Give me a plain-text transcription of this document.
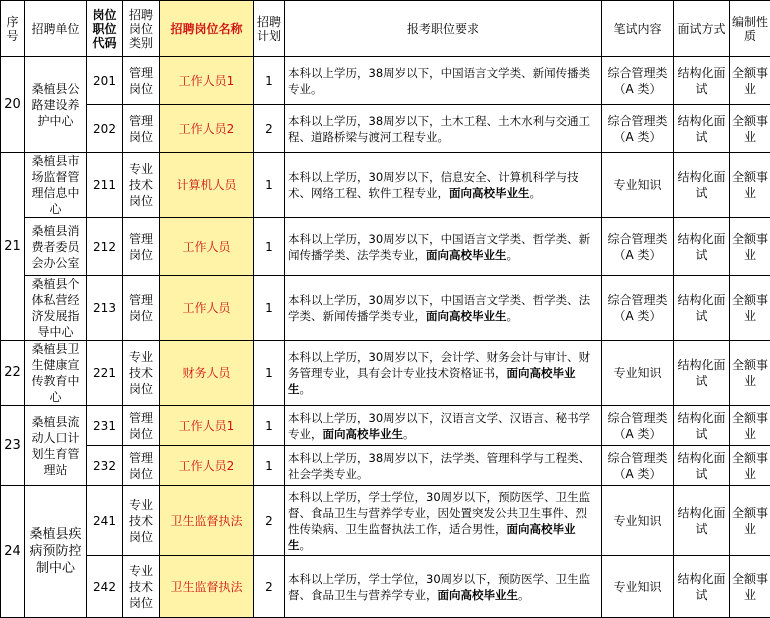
序号	招聘单位	岗位职位代码	招聘岗位类别	招聘岗位名称	招聘计划	报考职位要求	笔试内容	面试方式	编制性质
20	桑植县公路建设养护中心	201	管理岗位	工作人员1	1	本科以上学历，38周岁以下，中国语言文学类、新闻传播类专业。	综合管理类（A 类）	结构化面试	全额事业
		202	管理岗位	工作人员2	2	本科以上学历，38周岁以下，土木工程、土木水利与交通工程、道路桥梁与渡河工程专业。	综合管理类（A 类）	结构化面试	全额事业
21	桑植县市场监督管理信息中心	211	专业技术岗位	计算机人员	1	本科以上学历，30周岁以下，信息安全、计算机科学与技术、网络工程、软件工程专业，面向高校毕业生。	专业知识	结构化面试	全额事业
	桑植县消费者委员会办公室	212	管理岗位	工作人员	1	本科以上学历，30周岁以下，中国语言文学类、哲学类、新闻传播学类、法学类专业，面向高校毕业生。	综合管理类（A 类）	结构化面试	全额事业
	桑植县个体私营经济发展指导中心	213	管理岗位	工作人员	1	本科以上学历，30周岁以下，中国语言文学类、哲学类、法学类、新闻传播学类专业，面向高校毕业生。	综合管理类（A 类）	结构化面试	全额事业
22	桑植县卫生健康宣传教育中心	221	专业技术岗位	财务人员	1	本科以上学历，30周岁以下，会计学、财务会计与审计、财务管理专业，具有会计专业技术资格证书，面向高校毕业生。	专业知识	结构化面试	全额事业
23	桑植县流动人口计划生育管理站	231	管理岗位	工作人员1	1	本科以上学历，30周岁以下，汉语言文学、汉语言、秘书学专业，面向高校毕业生。	综合管理类（A 类）	结构化面试	全额事业
		232	管理岗位	工作人员2	1	本科以上学历，38周岁以下，法学类、管理科学与工程类、社会学类专业。	综合管理类（A 类）	结构化面试	全额事业
24	桑植县疾病预防控制中心	241	专业技术岗位	卫生监督执法	2	本科以上学历，学士学位，30周岁以下，预防医学、卫生监督、食品卫生与营养学专业，因处置突发公共卫生事件、烈性传染病、卫生监督执法工作，适合男性，面向高校毕业生。	专业知识	结构化面试	全额事业
		242	专业技术岗位	卫生监督执法	2	本科以上学历，学士学位，30周岁以下，预防医学、卫生监督、食品卫生与营养学专业，面向高校毕业生。	专业知识	结构化面试	全额事业
